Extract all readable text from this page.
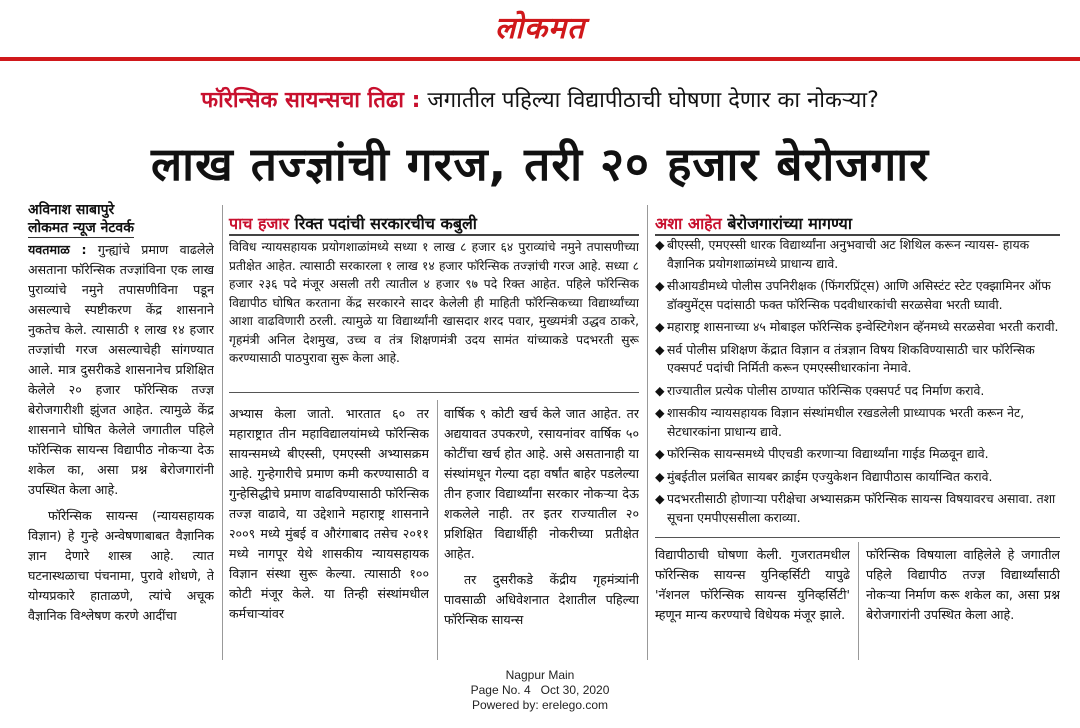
लोकमत
फॉरेन्सिक सायन्सचा तिढा : जगातील पहिल्या विद्यापीठाची घोषणा देणार का नोकऱ्या?
लाख तज्ज्ञांची गरज, तरी २० हजार बेरोजगार
अविनाश साबापुरे
लोकमत न्यूज नेटवर्क

यवतमाळ : गुन्ह्यांचे प्रमाण वाढलेले असताना फॉरेन्सिक तज्ज्ञांविना एक लाख पुराव्यांचे नमुने तपासणीविना पडून असल्याचे स्पष्टीकरण केंद्र शासनाने नुकतेच केले. त्यासाठी १ लाख १४ हजार तज्ज्ञांची गरज असल्याचेही सांगण्यात आले. मात्र दुसरीकडे शासनानेच प्रशिक्षित केलेले २० हजार फॉरेन्सिक तज्ज्ञ बेरोजगारीशी झुंजत आहेत. त्यामुळे केंद्र शासनाने घोषित केलेले जगातील पहिले फॉरेन्सिक सायन्स विद्यापीठ नोकऱ्या देऊ शकेल का, असा प्रश्न बेरोजगारांनी उपस्थित केला आहे.

फॉरेन्सिक सायन्स (न्यायसहायक विज्ञान) हे गुन्हे अन्वेषणाबाबत वैज्ञानिक ज्ञान देणारे शास्त्र आहे. त्यात घटनास्थळाचा पंचनामा, पुरावे शोधणे, ते योग्यप्रकारे हाताळणे, त्यांचे अचूक वैज्ञानिक विश्लेषण करणे आदींचा

पाच हजार रिक्त पदांची सरकारचीच कबुली
विविध न्यायसहायक प्रयोगशाळांमध्ये सध्या १ लाख ८ हजार ६४ पुराव्यांचे नमुने तपासणीच्या प्रतीक्षेत आहेत. त्यासाठी सरकारला १ लाख १४ हजार फॉरेन्सिक तज्ज्ञांची गरज आहे. सध्या ८ हजार २३६ पदे मंजूर असली तरी त्यातील ४ हजार ९७ पदे रिक्त आहेत. पहिले फॉरेन्सिक विद्यापीठ घोषित करताना केंद्र सरकारने सादर केलेली ही माहिती फॉरेन्सिकच्या विद्यार्थ्यांच्या आशा वाढविणारी ठरली. त्यामुळे या विद्यार्थ्यांनी खासदार शरद पवार, मुख्यमंत्री उद्धव ठाकरे, गृहमंत्री अनिल देशमुख, उच्च व तंत्र शिक्षणमंत्री उदय सामंत यांच्याकडे पदभरती सुरू करण्यासाठी पाठपुरावा सुरू केला आहे.
अभ्यास केला जातो. भारतात ६० तर महाराष्ट्रात तीन महाविद्यालयांमध्ये फॉरेन्सिक सायन्समध्ये बीएस्सी, एमएस्सी अभ्यासक्रम आहे. गुन्हेगारीचे प्रमाण कमी करण्यासाठी व गुन्हेसिद्धीचे प्रमाण वाढविण्यासाठी फॉरेन्सिक तज्ज्ञ वाढावे, या उद्देशाने महाराष्ट्र शासनाने २००९ मध्ये मुंबई व औरंगाबाद तसेच २०११ मध्ये नागपूर येथे शासकीय न्यायसहायक विज्ञान संस्था सुरू केल्या. त्यासाठी १०० कोटी मंजूर केले. या तिन्ही संस्थांमधील कर्मचाऱ्यांवर

वार्षिक ९ कोटी खर्च केले जात आहेत. तर अद्ययावत उपकरणे, रसायनांवर वार्षिक ५० कोटींचा खर्च होत आहे. असे असतानाही या संस्थांमधून गेल्या दहा वर्षांत बाहेर पडलेल्या तीन हजार विद्यार्थ्यांना सरकार नोकऱ्या देऊ शकलेले नाही. तर इतर राज्यातील २० प्रशिक्षित विद्यार्थीही नोकरीच्या प्रतीक्षेत आहेत.

तर दुसरीकडे केंद्रीय गृहमंत्र्यांनी पावसाळी अधिवेशनात देशातील पहिल्या फॉरेन्सिक सायन्स

अशा आहेत बेरोजगारांच्या मागण्या
◆ बीएस्सी, एमएस्सी धारक विद्यार्थ्यांना अनुभवाची अट शिथिल करून न्यायस- हायक वैज्ञानिक प्रयोगशाळांमध्ये प्राधान्य द्यावे.
◆ सीआयडीमध्ये पोलीस उपनिरीक्षक (फिंगरप्रिंट्स) आणि असिस्टंट स्टेट एक्झामिनर ऑफ डॉक्युमेंट्स पदांसाठी फक्त फॉरेन्सिक पदवीधारकांची सरळसेवा भरती घ्यावी.
◆ महाराष्ट्र शासनाच्या ४५ मोबाइल फॉरेन्सिक इन्वेस्टिगेशन व्हॅनमध्ये सरळसेवा भरती करावी.
◆ सर्व पोलीस प्रशिक्षण केंद्रात विज्ञान व तंत्रज्ञान विषय शिकविण्यासाठी चार फॉरेन्सिक एक्सपर्ट पदांची निर्मिती करून एमएस्सीधारकांना नेमावे.
◆ राज्यातील प्रत्येक पोलीस ठाण्यात फॉरेन्सिक एक्सपर्ट पद निर्माण करावे.
◆ शासकीय न्यायसहायक विज्ञान संस्थांमधील रखडलेली प्राध्यापक भरती करून नेट, सेटधारकांना प्राधान्य द्यावे.
◆ फॉरेन्सिक सायन्समध्ये पीएचडी करणाऱ्या विद्यार्थ्यांना गाईड मिळवून द्यावे.
◆ मुंबईतील प्रलंबित सायबर क्राईम एज्युकेशन विद्यापीठास कार्यान्वित करावे.
◆ पदभरतीसाठी होणाऱ्या परीक्षेचा अभ्यासक्रम फॉरेन्सिक सायन्स विषयावरच असावा. तशा सूचना एमपीएससीला कराव्या.
विद्यापीठाची घोषणा केली. गुजरातमधील फॉरेन्सिक सायन्स युनिव्हर्सिटी यापुढे 'नॅशनल फॉरेन्सिक सायन्स युनिव्हर्सिटी' म्हणून मान्य करण्याचे विधेयक मंजूर झाले.
फॉरेन्सिक विषयाला वाहिलेले हे जगातील पहिले विद्यापीठ तज्ज्ञ विद्यार्थ्यांसाठी नोकऱ्या निर्माण करू शकेल का, असा प्रश्न बेरोजगारांनी उपस्थित केला आहे.
Nagpur Main
Page No. 4 Oct 30, 2020
Powered by: erelego.com
